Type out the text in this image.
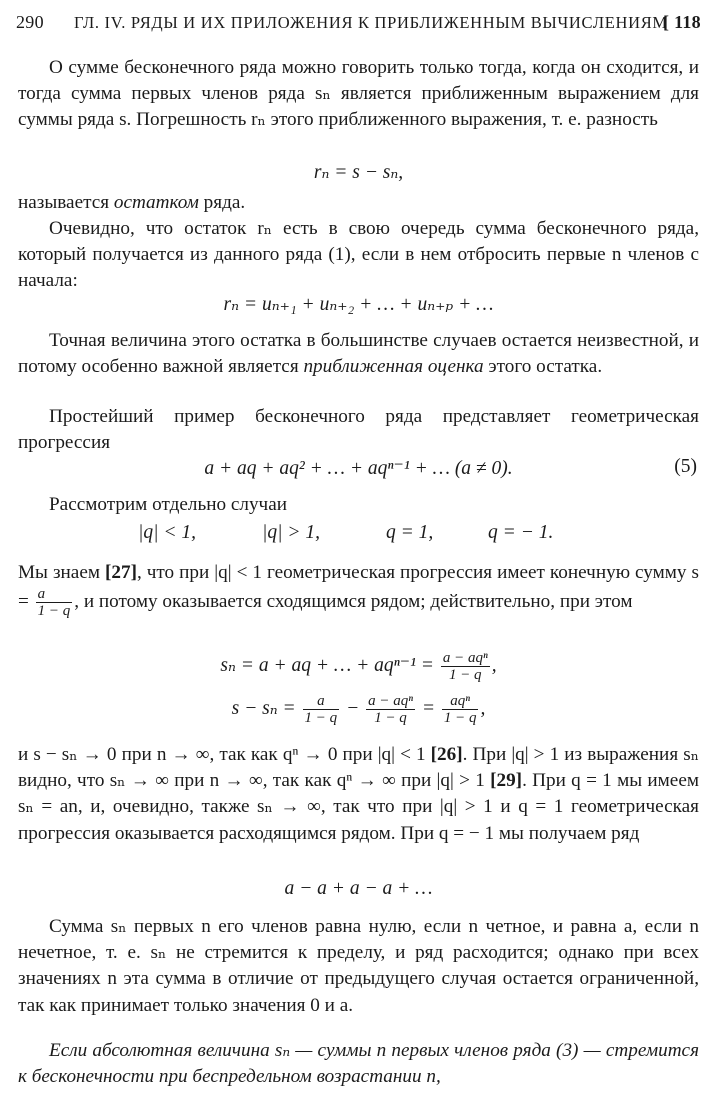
290 ГЛ. IV. РЯДЫ И ИХ ПРИЛОЖЕНИЯ К ПРИБЛИЖЕННЫМ ВЫЧИСЛЕНИЯМ
[ 118
О сумме бесконечного ряда можно говорить только тогда, когда он сходится, и тогда сумма первых членов ряда sₙ является приближенным выражением для суммы ряда s. Погрешность rₙ этого приближенного выражения, т. е. разность
rₙ = s − sₙ,
называется остатком ряда.
Очевидно, что остаток rₙ есть в свою очередь сумма бесконечного ряда, который получается из данного ряда (1), если в нем отбросить первые n членов с начала:
rₙ = uₙ₊₁ + uₙ₊₂ + … + uₙ₊ₚ + …
Точная величина этого остатка в большинстве случаев остается неизвестной, и потому особенно важной является приближенная оценка этого остатка.
Простейший пример бесконечного ряда представляет геометрическая прогрессия
a + aq + aq² + … + aqⁿ⁻¹ + … (a ≠ 0).	(5)
Рассмотрим отдельно случаи
|q| < 1,	|q| > 1,	q = 1,	q = − 1.
Мы знаем [27], что при |q| < 1 геометрическая прогрессия имеет конечную сумму $s = \frac{a}{1 - q}$ , и потому оказывается сходящимся рядом; действительно, при этом
sₙ = a + aq + … + $aq^{n-1} = \frac{\text{a − aqⁿ}}{1 - q}$ ,
$s - s_n = \frac{a}{1 - q} - \frac{\text{a − aqⁿ}}{1 - q} = \frac{\text{aqⁿ}}{1 - q}$ ,
и s − sₙ → 0 при n → ∞, так как qⁿ → 0 при |q| < 1 [26]. При |q| > 1 из выражения sₙ видно, что sₙ → ∞ при n → ∞, так как qⁿ → ∞ при |q| > 1 [29]. При q = 1 мы имеем sₙ = an, и, очевидно, также sₙ → ∞, так что при |q| > 1 и q = 1 геометрическая прогрессия оказывается расходящимся рядом. При q = − 1 мы получаем ряд
a − a + a − a + …
Сумма sₙ первых n его членов равна нулю, если n четное, и равна a, если n нечетное, т. е. sₙ не стремится к пределу, и ряд расходится; однако при всех значениях n эта сумма в отличие от предыдущего случая остается ограниченной, так как принимает только значения 0 и a.
Если абсолютная величина sₙ — суммы n первых членов ряда (3) — стремится к бесконечности при беспредельном возрастании n,
